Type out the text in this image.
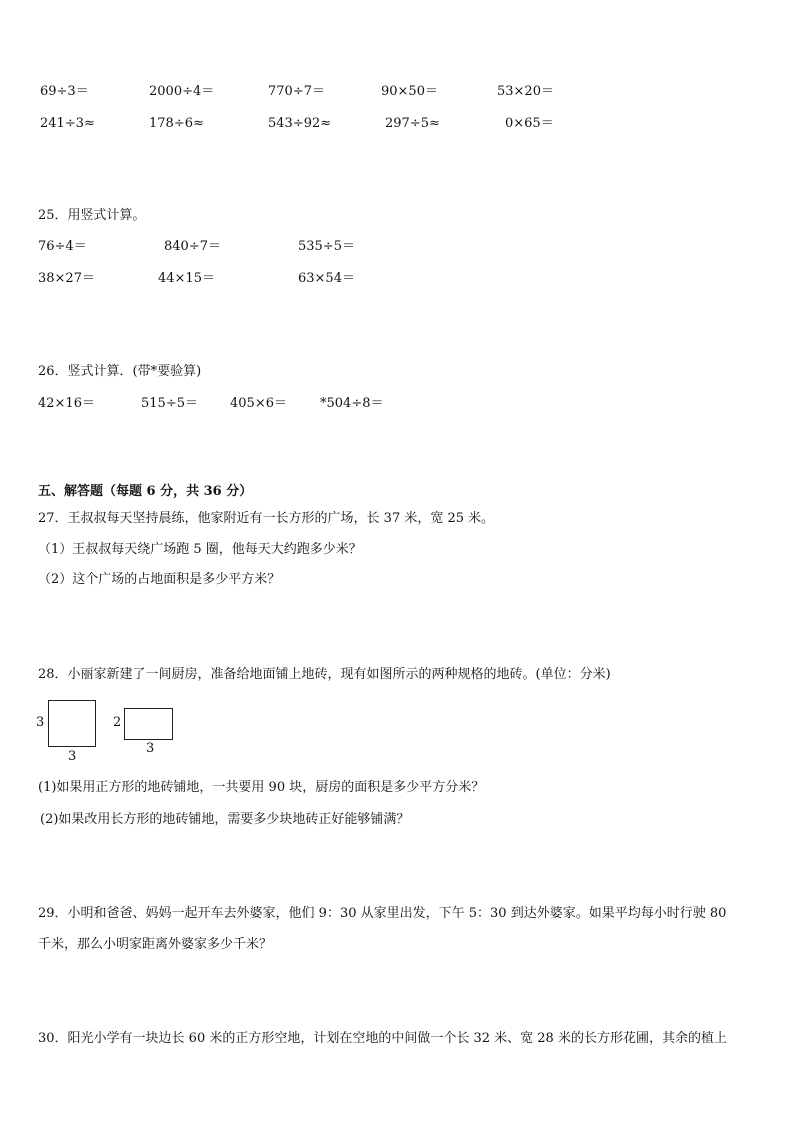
69÷3＝	2000÷4＝	770÷7＝	90×50＝	53×20＝
241÷3≈	178÷6≈	543÷92≈	297÷5≈	0×65＝
25．用竖式计算。
76÷4＝	840÷7＝	535÷5＝
38×27＝	44×15＝	63×54＝
26．竖式计算．(带*要验算)
42×16＝	515÷5＝ 405×6＝	*504÷8＝
五、解答题（每题 6 分，共 36 分）
27．王叔叔每天坚持晨练，他家附近有一长方形的广场，长 37 米，宽 25 米。
（1）王叔叔每天绕广场跑 5 圈，他每天大约跑多少米？
（2）这个广场的占地面积是多少平方米？
28．小丽家新建了一间厨房，准备给地面铺上地砖，现有如图所示的两种规格的地砖。(单位：分米)
3
3
2
3
(1)如果用正方形的地砖铺地，一共要用 90 块，厨房的面积是多少平方分米？
(2)如果改用长方形的地砖铺地，需要多少块地砖正好能够铺满？
29．小明和爸爸、妈妈一起开车去外婆家，他们 9：30 从家里出发，下午 5：30 到达外婆家。如果平均每小时行驶 80
千米，那么小明家距离外婆家多少千米？
30．阳光小学有一块边长 60 米的正方形空地，计划在空地的中间做一个长 32 米、宽 28 米的长方形花圃，其余的植上
